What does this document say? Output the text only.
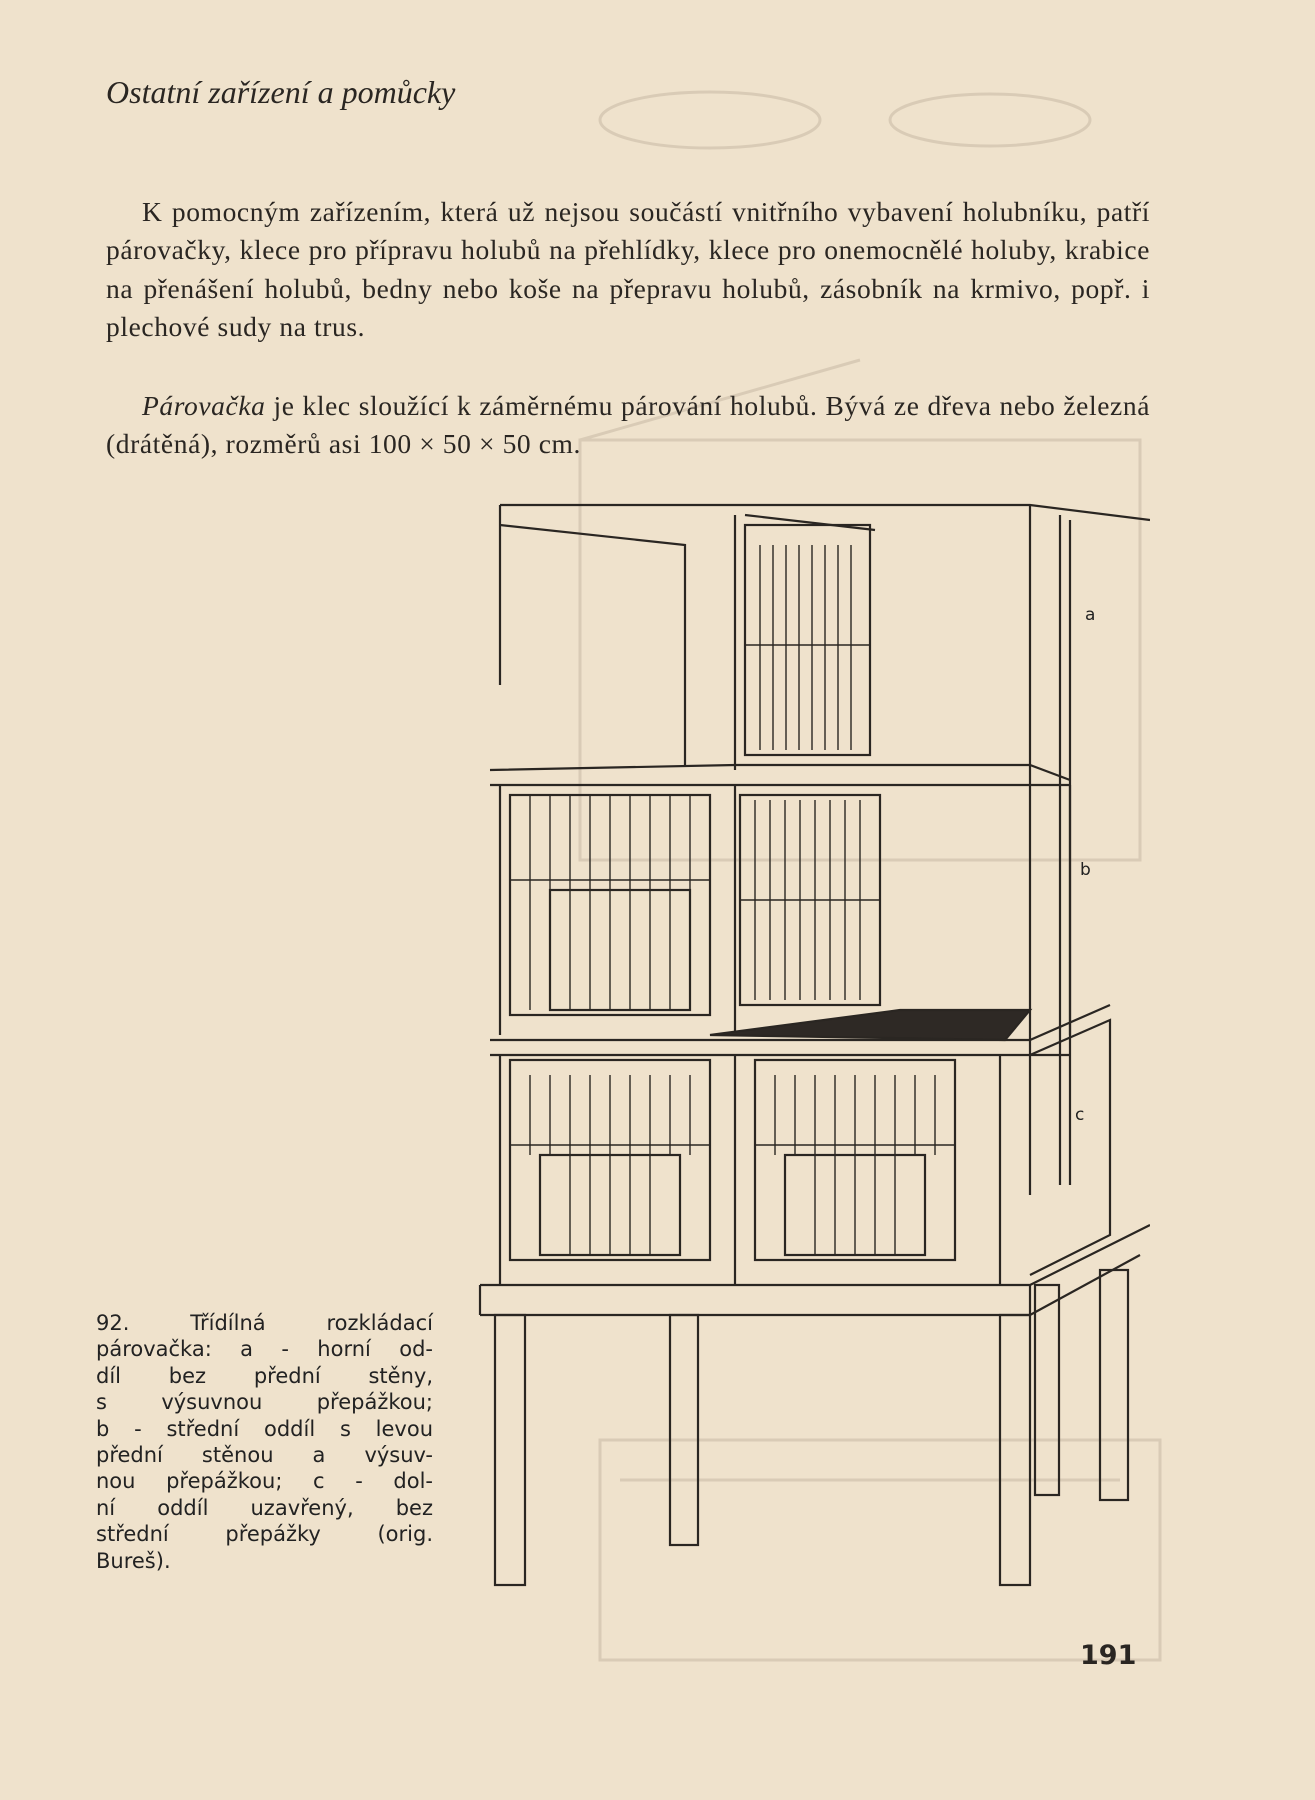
Ostatní zařízení a pomůcky

K pomocným zařízením, která už nejsou součástí vnitřního vybavení holubníku, patří párovačky, klece pro přípravu holubů na přehlídky, klece pro onemocnělé holuby, krabice na přenášení holubů, bedny nebo koše na přepravu holubů, zásobník na krmivo, popř. i plechové sudy na trus.

Párovačka je klec sloužící k záměrnému párování holubů. Bývá ze dřeva nebo železná (drátěná), rozměrů asi 100 × 50 × 50 cm.

a
b
c
92. Třídílná rozkládací
párovačka: a - horní od-
díl bez přední stěny,
s výsuvnou přepážkou;
b - střední oddíl s levou
přední stěnou a výsuv-
nou přepážkou; c - dol-
ní oddíl uzavřený, bez
střední přepážky (orig.
Bureš).
191
